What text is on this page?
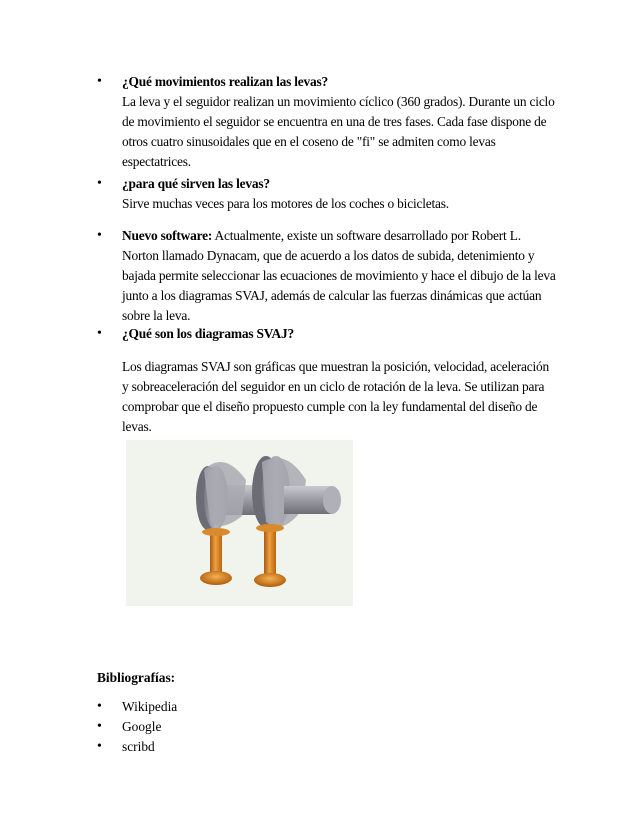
• ¿Qué movimientos realizan las levas?
La leva y el seguidor realizan un movimiento cíclico (360 grados). Durante un ciclo de movimiento el seguidor se encuentra en una de tres fases. Cada fase dispone de otros cuatro sinusoidales que en el coseno de "fi" se admiten como levas espectatrices.
• ¿para qué sirven las levas?
Sirve muchas veces para los motores de los coches o bicicletas.
• Nuevo software: Actualmente, existe un software desarrollado por Robert L. Norton llamado Dynacam, que de acuerdo a los datos de subida, detenimiento y bajada permite seleccionar las ecuaciones de movimiento y hace el dibujo de la leva junto a los diagramas SVAJ, además de calcular las fuerzas dinámicas que actúan sobre la leva.
• ¿Qué son los diagramas SVAJ?

Los diagramas SVAJ son gráficas que muestran la posición, velocidad, aceleración y sobreaceleración del seguidor en un ciclo de rotación de la leva. Se utilizan para comprobar que el diseño propuesto cumple con la ley fundamental del diseño de levas.

Bibliografías:

• Wikipedia
• Google
• scribd
